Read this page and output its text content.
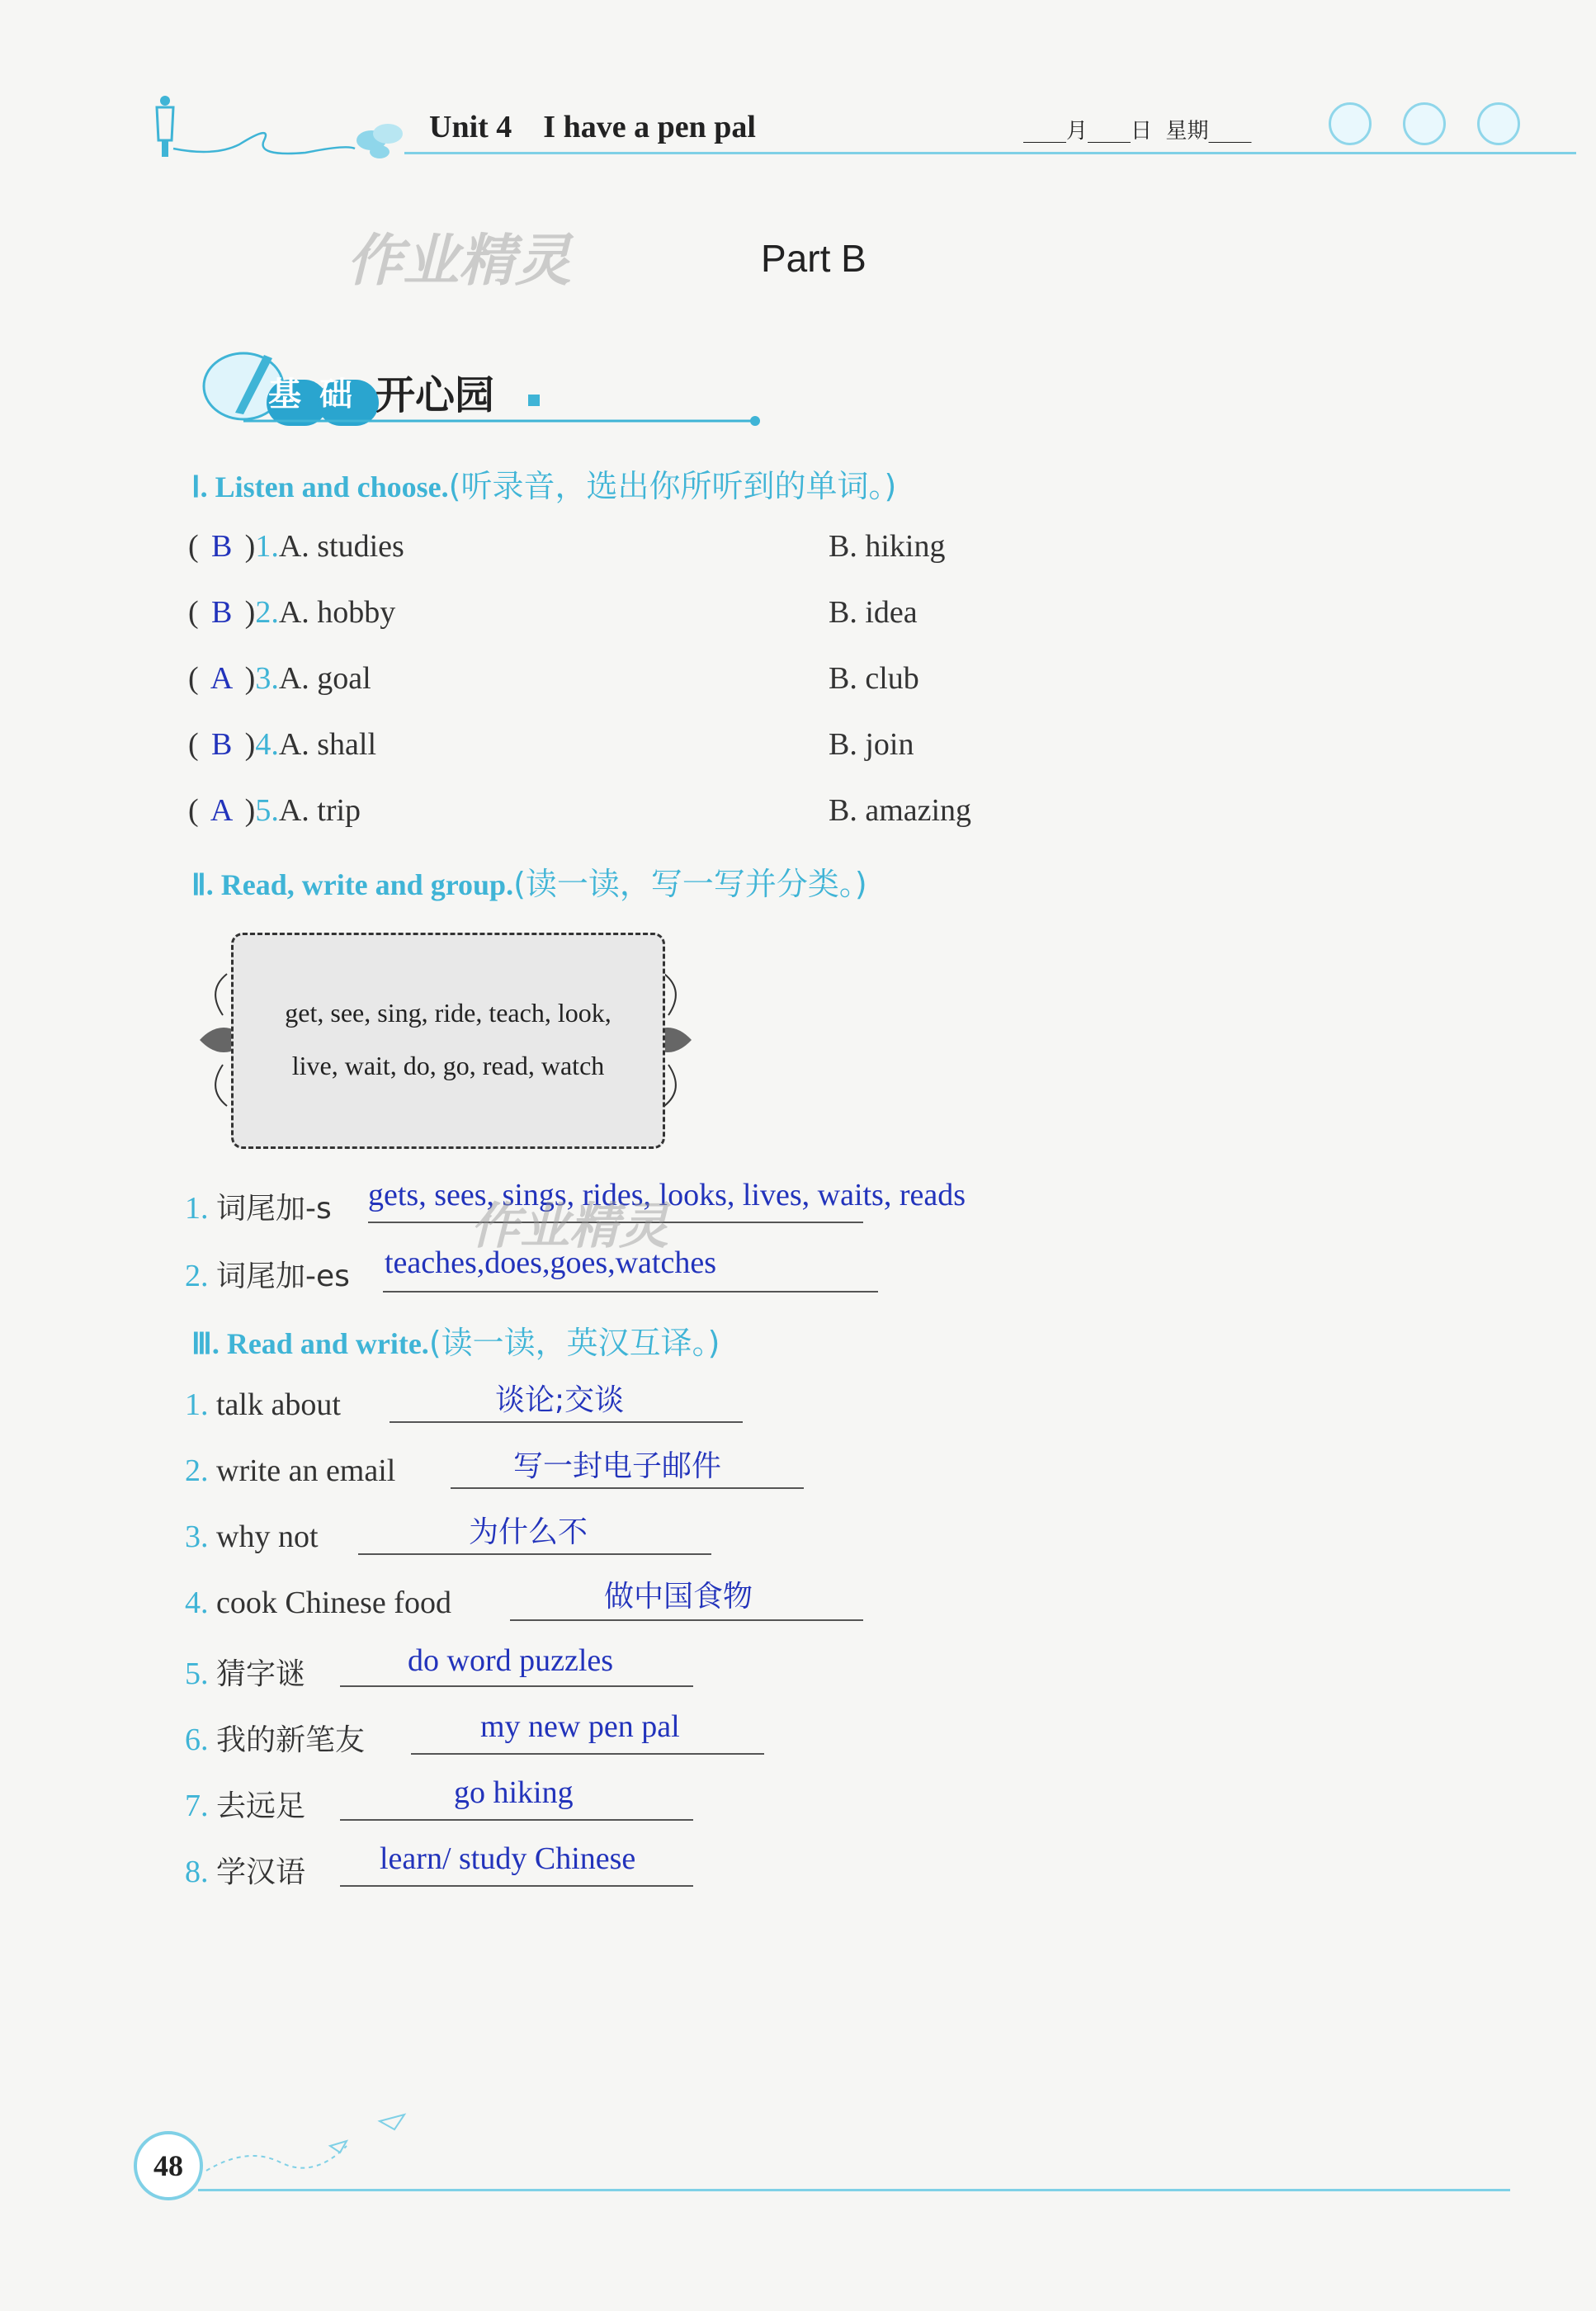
Unit 4    I have a pen pal	____月____日  星期____
作业精灵	Part B
基础 开心园
Ⅰ. Listen and choose.(听录音，选出你所听到的单词。)
( B )1.A. studies	B. hiking
( B )2.A. hobby	B. idea
( A )3.A. goal	B. club
( B )4.A. shall	B. join
( A )5.A. trip	B. amazing
Ⅱ. Read, write and group.(读一读，写一写并分类。)
get, see, sing, ride, teach, look,
live, wait, do, go, read, watch
1. 词尾加-s gets, sees, sings, rides, looks, lives, waits, reads
2. 词尾加-es teaches,does,goes,watches
作业精灵
Ⅲ. Read and write.(读一读，英汉互译。)
1. talk about	谈论;交谈
2. write an email	写一封电子邮件
3. why not	为什么不
4. cook Chinese food	做中国食物
5. 猜字谜	do word puzzles
6. 我的新笔友	my new pen pal
7. 去远足	go hiking
8. 学汉语 learn/ study Chinese
48
